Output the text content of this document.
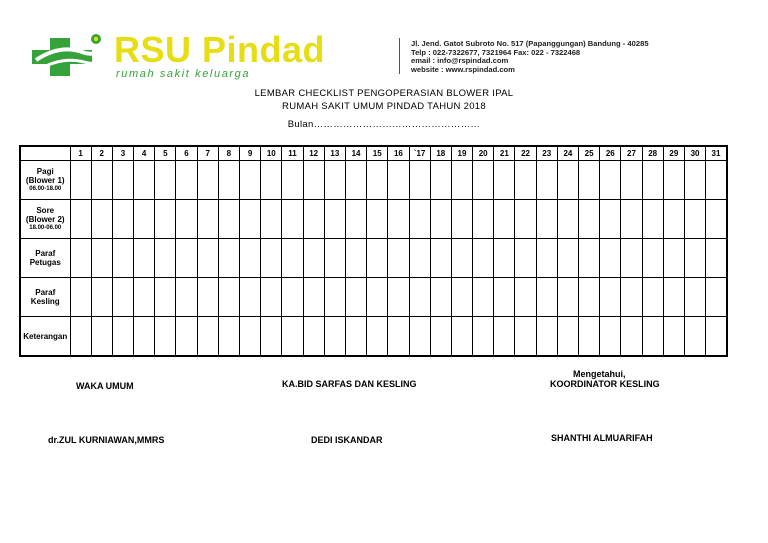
RSU Pindad
rumah sakit keluarga
Jl. Jend. Gatot Subroto No. 517 (Papanggungan) Bandung - 40285
Telp : 022-7322677, 7321964 Fax: 022 - 7322468
email : info@rspindad.com
website : www.rspindad.com
LEMBAR CHECKLIST PENGOPERASIAN BLOWER IPAL
RUMAH SAKIT UMUM PINDAD TAHUN 2018
Bulan……………………………………………
	1	2	3	4	5	6	7	8	9	10	11	12	13	14	15	16	`17	18	19	20	21	22	23	24	25	26	27	28	29	30	31

Pagi
(Blower 1)
06.00-18.00																															

Sore
(Blower 2)
18.00-06.00																															

Paraf
Petugas																															

Paraf Kesling																															

Keterangan																															

WAKA UMUM	KA.BID SARFAS DAN KESLING
Mengetahui,
KOORDINATOR KESLING
dr.ZUL KURNIAWAN,MMRS	DEDI ISKANDAR	SHANTHI ALMUARIFAH
